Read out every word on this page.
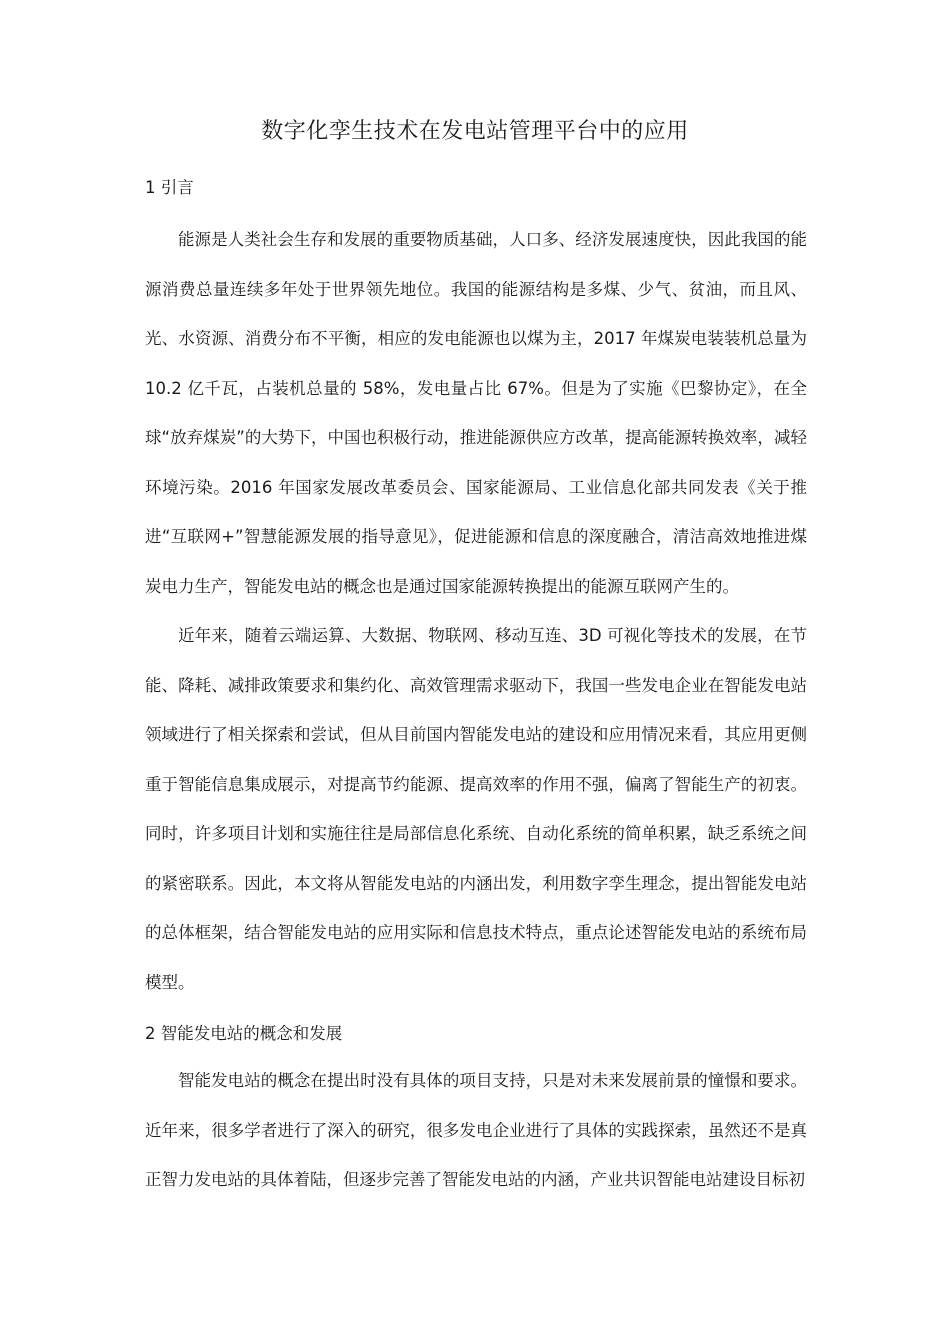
数字化孪生技术在发电站管理平台中的应用
1 引言

能源是人类社会生存和发展的重要物质基础，人口多、经济发展速度快，因此我国的能源消费总量连续多年处于世界领先地位。我国的能源结构是多煤、少气、贫油，而且风、光、水资源、消费分布不平衡，相应的发电能源也以煤为主，2017 年煤炭电装装机总量为 10.2 亿千瓦，占装机总量的 58%，发电量占比 67%。但是为了实施《巴黎协定》，在全球“放弃煤炭”的大势下，中国也积极行动，推进能源供应方改革，提高能源转换效率，减轻环境污染。2016 年国家发展改革委员会、国家能源局、工业信息化部共同发表《关于推进“互联网+”智慧能源发展的指导意见》，促进能源和信息的深度融合，清洁高效地推进煤炭电力生产，智能发电站的概念也是通过国家能源转换提出的能源互联网产生的。

近年来，随着云端运算、大数据、物联网、移动互连、3D 可视化等技术的发展，在节能、降耗、减排政策要求和集约化、高效管理需求驱动下，我国一些发电企业在智能发电站领域进行了相关探索和尝试，但从目前国内智能发电站的建设和应用情况来看，其应用更侧重于智能信息集成展示，对提高节约能源、提高效率的作用不强，偏离了智能生产的初衷。同时，许多项目计划和实施往往是局部信息化系统、自动化系统的简单积累，缺乏系统之间的紧密联系。因此，本文将从智能发电站的内涵出发，利用数字孪生理念，提出智能发电站的总体框架，结合智能发电站的应用实际和信息技术特点，重点论述智能发电站的系统布局模型。

2 智能发电站的概念和发展

智能发电站的概念在提出时没有具体的项目支持，只是对未来发展前景的憧憬和要求。近年来，很多学者进行了深入的研究，很多发电企业进行了具体的实践探索，虽然还不是真正智力发电站的具体着陆，但逐步完善了智能发电站的内涵，产业共识智能电站建设目标初
